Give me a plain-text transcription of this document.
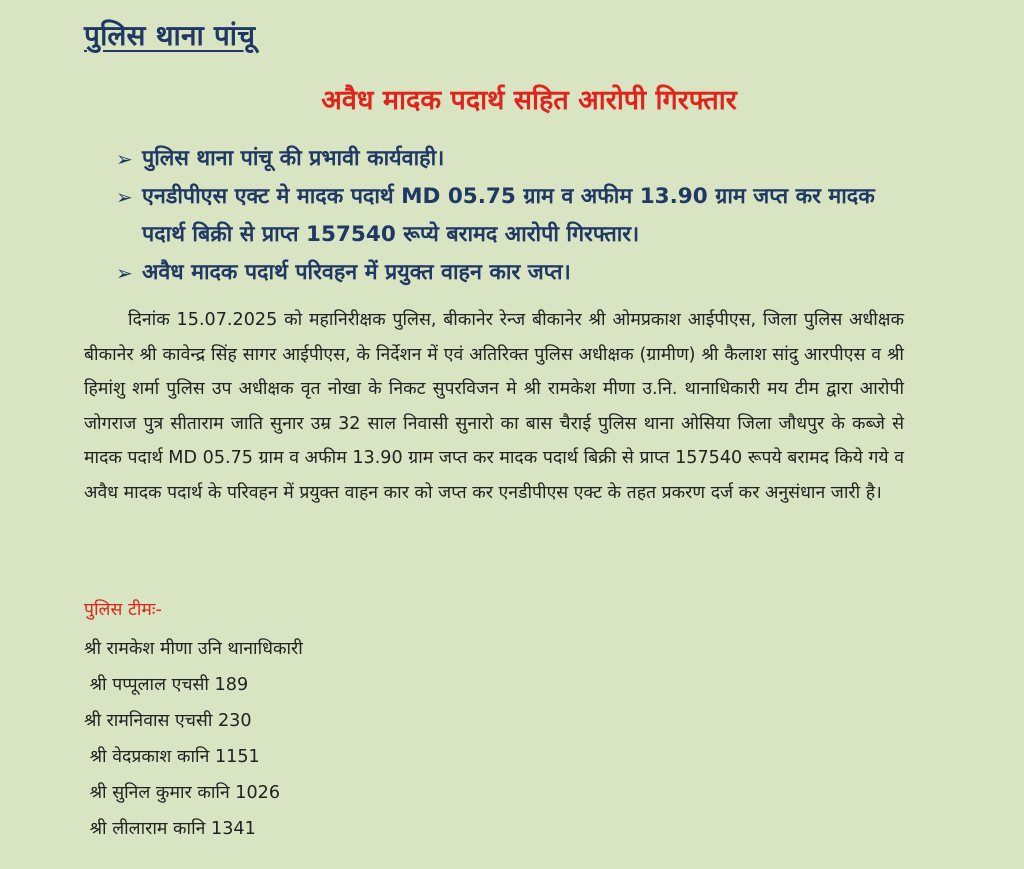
पुलिस थाना पांचू
अवैध मादक पदार्थ सहित आरोपी गिरफ्तार
➢ पुलिस थाना पांचू की प्रभावी कार्यवाही।
➢ एनडीपीएस एक्ट मे मादक पदार्थ MD 05.75 ग्राम व अफीम 13.90 ग्राम जप्त कर मादक पदार्थ बिक्री से प्राप्त 157540 रूप्ये बरामद आरोपी गिरफ्तार।
➢ अवैध मादक पदार्थ परिवहन में प्रयुक्त वाहन कार जप्त।

दिनांक 15.07.2025 को महानिरीक्षक पुलिस, बीकानेर रेन्ज बीकानेर श्री ओमप्रकाश आईपीएस, जिला पुलिस अधीक्षक बीकानेर श्री कावेन्द्र सिंह सागर आईपीएस, के निर्देशन में एवं अतिरिक्त पुलिस अधीक्षक (ग्रामीण) श्री कैलाश सांदु आरपीएस व श्री हिमांशु शर्मा पुलिस उप अधीक्षक वृत नोखा के निकट सुपरविजन मे श्री रामकेश मीणा उ.नि. थानाधिकारी मय टीम द्वारा आरोपी जोगराज पुत्र सीताराम जाति सुनार उम्र 32 साल निवासी सुनारो का बास चैराई पुलिस थाना ओसिया जिला जौधपुर के कब्जे से मादक पदार्थ MD 05.75 ग्राम व अफीम 13.90 ग्राम जप्त कर मादक पदार्थ बिक्री से प्राप्त 157540 रूपये बरामद किये गये व अवैध मादक पदार्थ के परिवहन में प्रयुक्त वाहन कार को जप्त कर एनडीपीएस एक्ट के तहत प्रकरण दर्ज कर अनुसंधान जारी है।

पुलिस टीमः-
श्री रामकेश मीणा उनि थानाधिकारी
श्री पप्पूलाल एचसी 189
श्री रामनिवास एचसी 230
श्री वेदप्रकाश कानि 1151
श्री सुनिल कुमार कानि 1026
श्री लीलाराम कानि 1341
